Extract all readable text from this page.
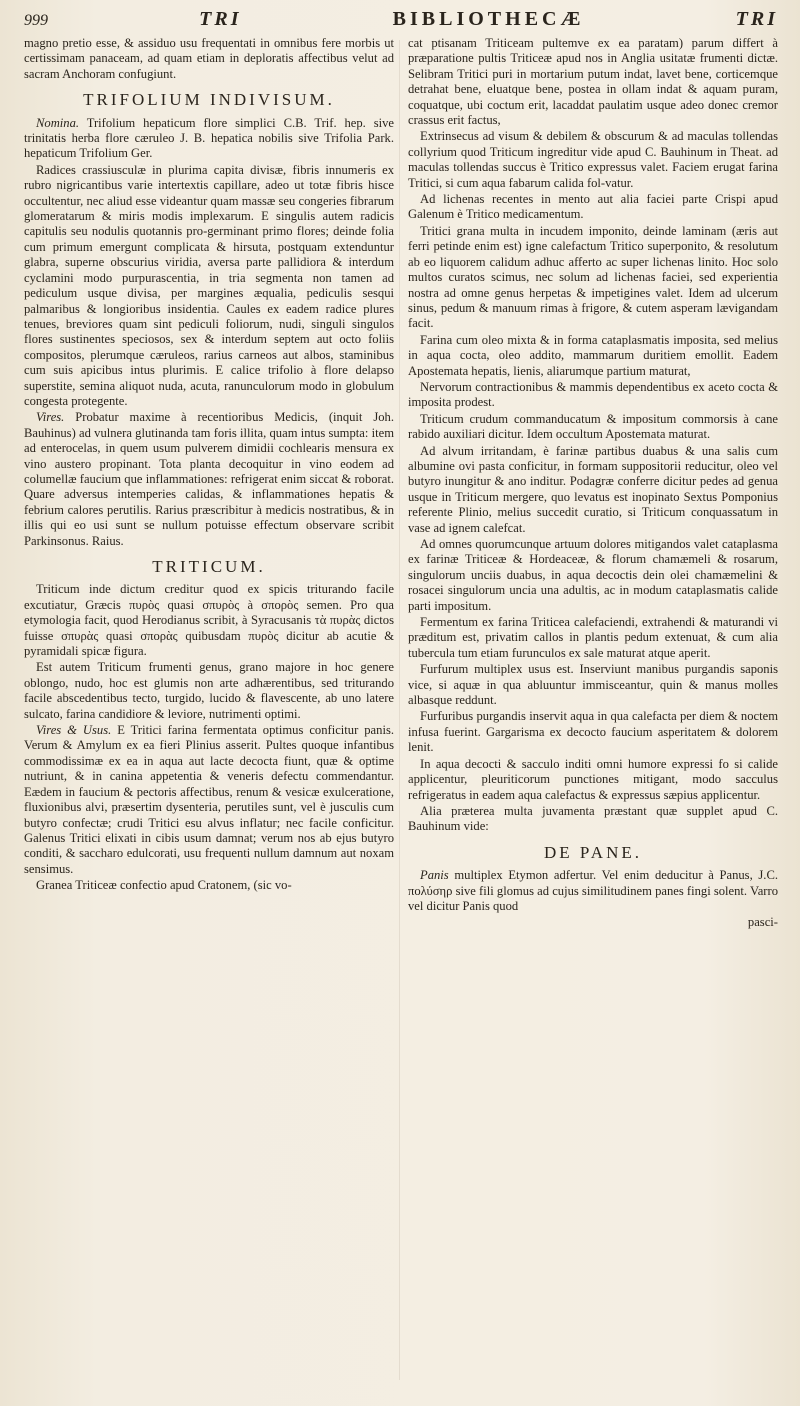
999	TRI	BIBLIOTHECÆ	TRI

magno pretio esse, & assiduo usu frequentati in omnibus fere morbis ut certissimam panaceam, ad quam etiam in deploratis affectibus velut ad sacram Anchoram confugiunt.

TRIFOLIUM INDIVISUM.

Nomina. Trifolium hepaticum flore simplici C.B. Trif. hep. sive trinitatis herba flore cæruleo J. B. hepatica nobilis sive Trifolia Park. hepaticum Trifolium Ger.

Radices crassiusculæ in plurima capita divisæ, fibris innumeris ex rubro nigricantibus varie intertextis capillare, adeo ut totæ fibris hisce occultentur, nec aliud esse videantur quam massæ seu congeries fibrarum glomeratarum & miris modis implexarum. E singulis autem radicis capitulis seu nodulis quotannis pro-germinant primo flores; deinde folia cum primum emergunt complicata & hirsuta, postquam extenduntur glabra, superne obscurius viridia, aversa parte pallidiora & interdum cyclamini modo purpurascentia, in tria segmenta non tamen ad pediculum usque divisa, per margines æqualia, pediculis sesqui palmaribus & longioribus insidentia. Caules ex eadem radice plures tenues, breviores quam sint pediculi foliorum, nudi, singuli singulos flores sustinentes speciosos, sex & interdum septem aut octo foliis compositos, plerumque cæruleos, rarius carneos aut albos, staminibus cum suis apicibus intus plurimis. E calice trifolio à flore delapso superstite, semina aliquot nuda, acuta, ranunculorum modo in globulum congesta protegente.

Vires. Probatur maxime à recentioribus Medicis, (inquit Joh. Bauhinus) ad vulnera glutinanda tam foris illita, quam intus sumpta: item ad enterocelas, in quem usum pulverem dimidii cochlearis mensura ex vino austero propinant. Tota planta decoquitur in vino eodem ad columellæ faucium que inflammationes: refrigerat enim siccat & roborat. Quare adversus intemperies calidas, & inflammationes hepatis & febrium calores perutilis. Rarius præscribitur à medicis nostratibus, & in illis qui eo usi sunt se nullum potuisse effectum observare scribit Parkinsonus. Raius.

TRITICUM.

Triticum inde dictum creditur quod ex spicis triturando facile excutiatur, Græcis πυρὸς quasi σπυρὸς à σπορὸς semen. Pro qua etymologia facit, quod Herodianus scribit, à Syracusanis τὰ πυρὰς dictos fuisse σπυρὰς quasi σπορὰς quibusdam πυρὸς dicitur ab acutie & pyramidali spicæ figura.

Est autem Triticum frumenti genus, grano majore in hoc genere oblongo, nudo, hoc est glumis non arte adhærentibus, sed triturando facile abscedentibus tecto, turgido, lucido & flavescente, ab uno latere sulcato, farina candidiore & leviore, nutrimenti optimi.

Vires & Usus. E Tritici farina fermentata optimus conficitur panis. Verum & Amylum ex ea fieri Plinius asserit. Pultes quoque infantibus commodissimæ ex ea in aqua aut lacte decocta fiunt, quæ & optime nutriunt, & in canina appetentia & veneris defectu commendantur. Eædem in faucium & pectoris affectibus, renum & vesicæ exulceratione, fluxionibus alvi, præsertim dysenteria, perutiles sunt, vel è jusculis cum butyro confectæ; crudi Tritici esu alvus inflatur; nec facile conficitur. Galenus Tritici elixati in cibis usum damnat; verum nos ab ejus butyro conditi, & saccharo edulcorati, usu frequenti nullum damnum aut noxam sensimus.

Granea Triticeæ confectio apud Cratonem, (sic vo-

cat ptisanam Triticeam pultemve ex ea paratam) parum differt à præparatione pultis Triticeæ apud nos in Anglia usitatæ frumenti dictæ. Selibram Tritici puri in mortarium putum indat, lavet bene, corticemque detrahat bene, eluatque bene, postea in ollam indat & aquam puram, coquatque, ubi coctum erit, lacaddat paulatim usque adeo donec cremor crassus erit factus,

Extrinsecus ad visum & debilem & obscurum & ad maculas tollendas collyrium quod Triticum ingreditur vide apud C. Bauhinum in Theat. ad maculas tollendas succus è Tritico expressus valet. Faciem erugat farina Tritici, si cum aqua fabarum calida fol-vatur.

Ad lichenas recentes in mento aut alia faciei parte Crispi apud Galenum è Tritico medicamentum.

Tritici grana multa in incudem imponito, deinde laminam (æris aut ferri petinde enim est) igne calefactum Tritico superponito, & resolutum ab eo liquorem calidum adhuc afferto ac super lichenas linito. Hoc solo multos curatos scimus, nec solum ad lichenas faciei, sed experientia nostra ad omne genus herpetas & impetigines valet. Idem ad ulcerum sinus, pedum & manuum rimas à frigore, & cutem asperam lævigandam facit.

Farina cum oleo mixta & in forma cataplasmatis imposita, sed melius in aqua cocta, oleo addito, mammarum duritiem emollit. Eadem Apostemata hepatis, lienis, aliarumque partium maturat,

Nervorum contractionibus & mammis dependentibus ex aceto cocta & imposita prodest.

Triticum crudum commanducatum & impositum commorsis à cane rabido auxiliari dicitur. Idem occultum Apostemata maturat.

Ad alvum irritandam, è farinæ partibus duabus & una salis cum albumine ovi pasta conficitur, in formam suppositorii reducitur, oleo vel butyro inungitur & ano inditur. Podagræ conferre dicitur pedes ad genua usque in Triticum mergere, quo levatus est inopinato Sextus Pomponius referente Plinio, melius succedit curatio, si Triticum conquassatum in vase ad ignem calefcat.

Ad omnes quorumcunque artuum dolores mitigandos valet cataplasma ex farinæ Triticeæ & Hordeaceæ, & florum chamæmeli & rosarum, singulorum unciis duabus, in aqua decoctis dein olei chamæmelini & rosacei singulorum uncia una adultis, ac in modum cataplasmatis calide parti impositum.

Fermentum ex farina Triticea calefaciendi, extrahendi & maturandi vi præditum est, privatim callos in plantis pedum extenuat, & cum alia tubercula tum etiam furunculos ex sale maturat atque aperit.

Furfurum multiplex usus est. Inserviunt manibus purgandis saponis vice, si aquæ in qua abluuntur immisceantur, quin & manus molles albasque reddunt.

Furfuribus purgandis inservit aqua in qua calefacta per diem & noctem infusa fuerint. Gargarisma ex decocto faucium asperitatem & dolorem lenit.

In aqua decocti & sacculo inditi omni humore expressi fo si calide applicentur, pleuriticorum punctiones mitigant, modo sacculus refrigeratus in eadem aqua calefactus & expressus sæpius applicentur.

Alia præterea multa juvamenta præstant quæ supplet apud C. Bauhinum vide:

DE PANE.

Panis multiplex Etymon adfertur. Vel enim deducitur à Panus, J.C. πολύσηρ sive fili glomus ad cujus similitudinem panes fingi solent. Varro vel dicitur Panis quod

pasci-
